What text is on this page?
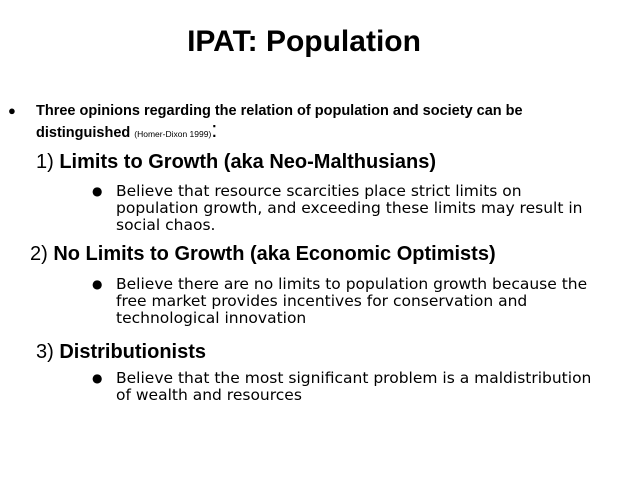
IPAT: Population
● Three opinions regarding the relation of population and society can be distinguished (Homer-Dixon 1999):
1) Limits to Growth (aka Neo-Malthusians)
● Believe that resource scarcities place strict limits on population growth, and exceeding these limits may result in social chaos.
2) No Limits to Growth (aka Economic Optimists)
● Believe there are no limits to population growth because the free market provides incentives for conservation and technological innovation
3) Distributionists
● Believe that the most significant problem is a maldistribution of wealth and resources
